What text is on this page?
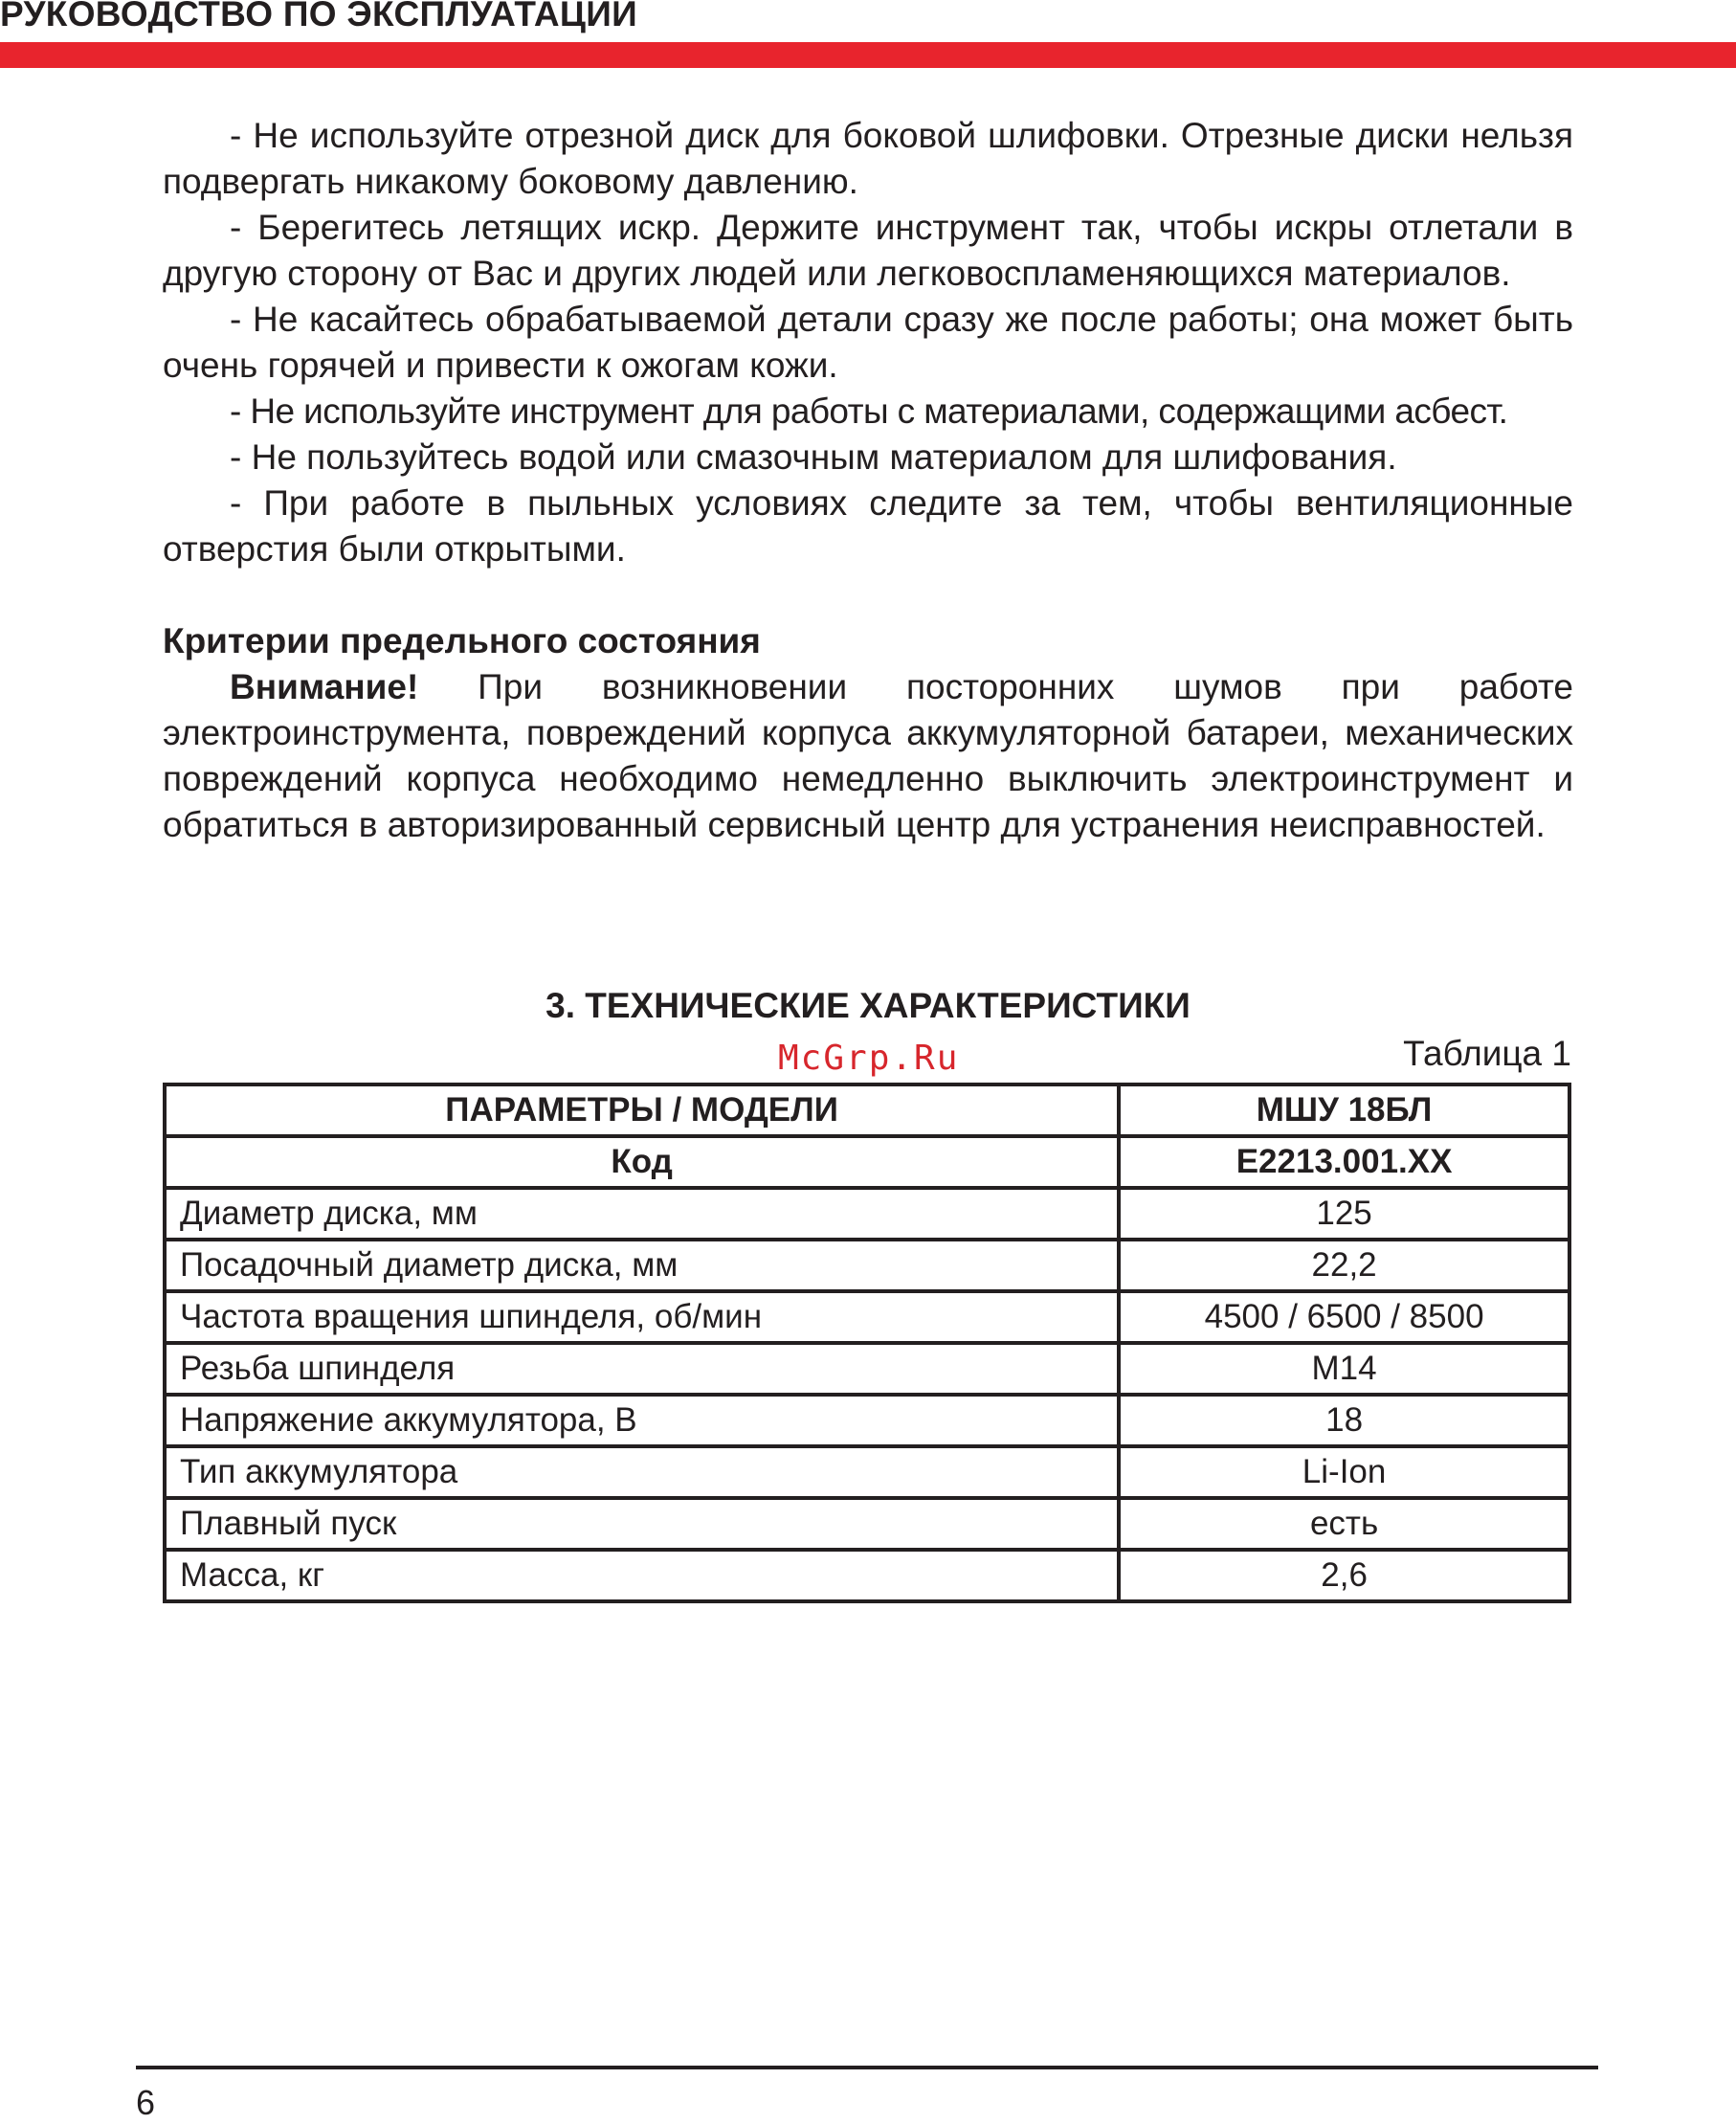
РУКОВОДСТВО ПО ЭКСПЛУАТАЦИИ

- Не используйте отрезной диск для боковой шлифовки. Отрезные диски нельзя подвергать никакому боковому давлению.

- Берегитесь летящих искр. Держите инструмент так, чтобы искры отлетали в другую сторону от Вас и других людей или легковоспламеняющихся материалов.

- Не касайтесь обрабатываемой детали сразу же после работы; она может быть очень горячей и привести к ожогам кожи.

- Не используйте инструмент для работы с материалами, содержащими асбест.

- Не пользуйтесь водой или смазочным материалом для шлифования.

- При работе в пыльных условиях следите за тем, чтобы вентиляционные отверстия были открытыми.

Критерии предельного состояния

Внимание! При возникновении посторонних шумов при работе электроинструмента, повреждений корпуса аккумуляторной батареи, механических повреждений корпуса необходимо немедленно выключить электроинструмент и обратиться в авторизированный сервисный центр для устранения неисправностей.

3. ТЕХНИЧЕСКИЕ ХАРАКТЕРИСТИКИ
McGrp.Ru	Таблица 1
ПАРАМЕТРЫ / МОДЕЛИ	МШУ 18БЛ
Код	E2213.001.XX
Диаметр диска, мм	125
Посадочный диаметр диска, мм	22,2
Частота вращения шпинделя, об/мин	4500 / 6500 / 8500
Резьба шпинделя	M14
Напряжение аккумулятора, В	18
Тип аккумулятора	Li-Ion
Плавный пуск	есть
Масса, кг	2,6
6
